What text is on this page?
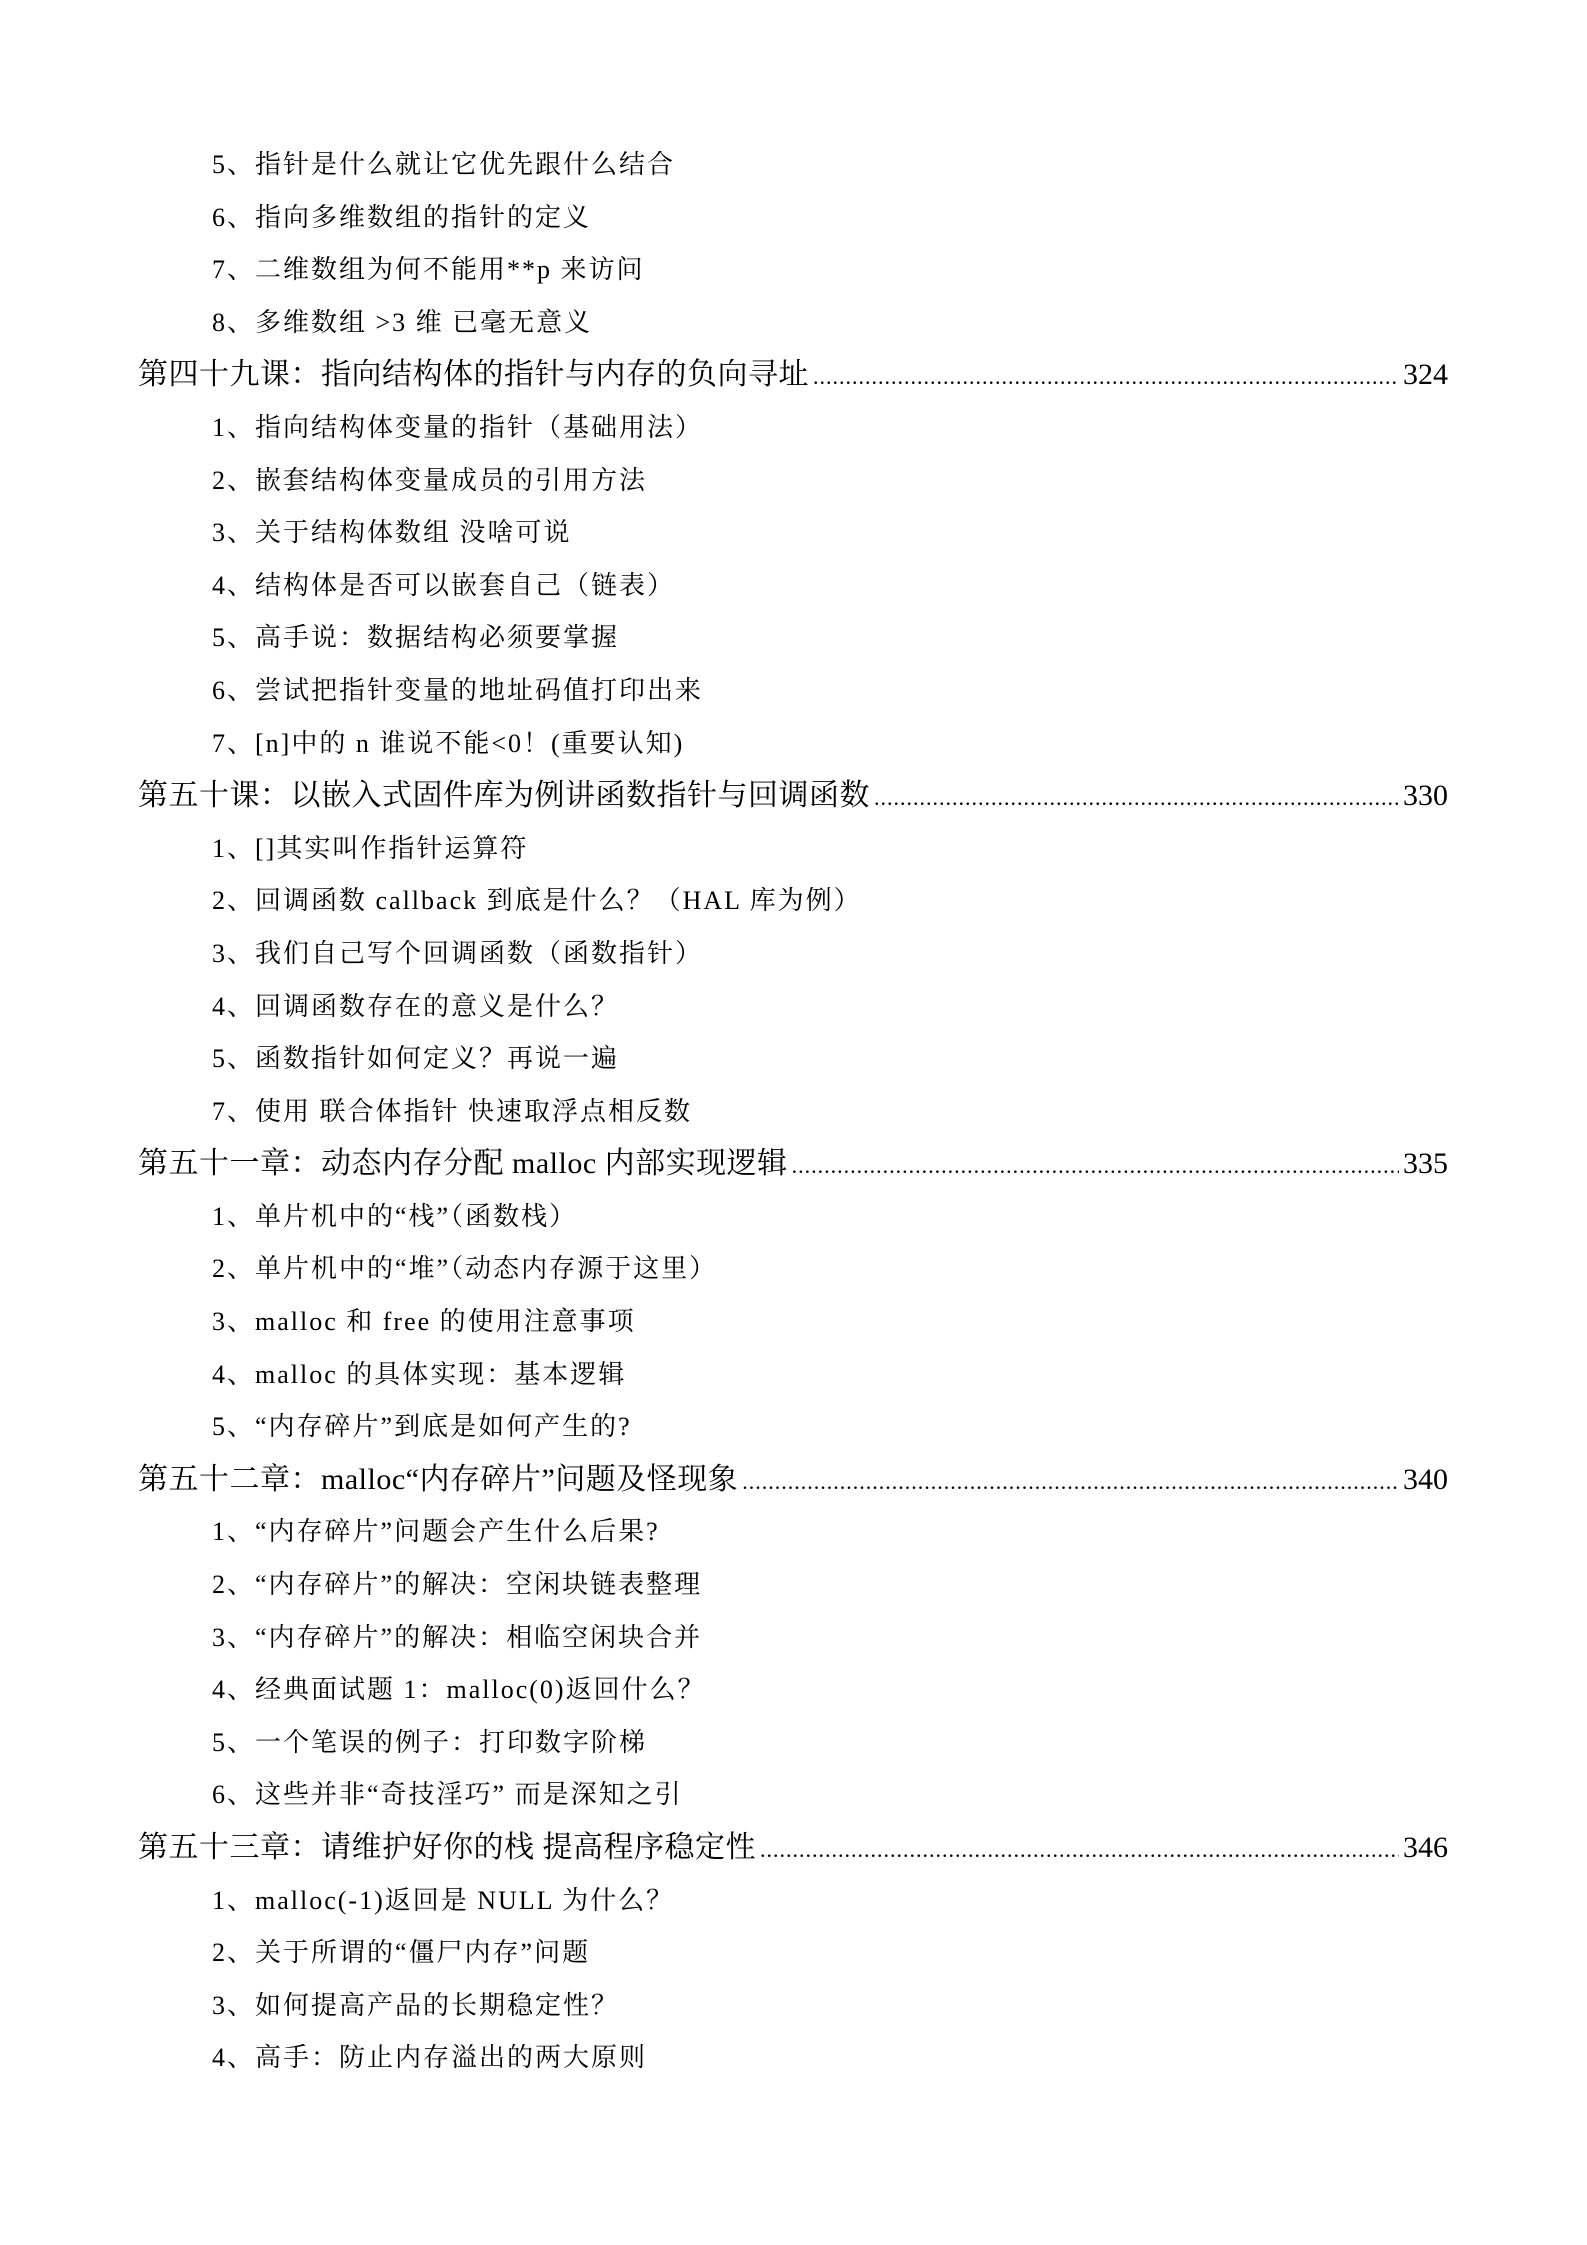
5、指针是什么就让它优先跟什么结合
6、指向多维数组的指针的定义
7、二维数组为何不能用**p 来访问
8、多维数组 >3 维 已毫无意义
第四十九课：指向结构体的指针与内存的负向寻址 .....	324
1、指向结构体变量的指针（基础用法）
2、嵌套结构体变量成员的引用方法
3、关于结构体数组 没啥可说
4、结构体是否可以嵌套自己（链表）
5、高手说：数据结构必须要掌握
6、尝试把指针变量的地址码值打印出来
7、[n]中的 n 谁说不能<0！(重要认知)
第五十课：以嵌入式固件库为例讲函数指针与回调函数 .....	330
1、[]其实叫作指针运算符
2、回调函数 callback 到底是什么？（HAL 库为例）
3、我们自己写个回调函数（函数指针）
4、回调函数存在的意义是什么？
5、函数指针如何定义？再说一遍
7、使用 联合体指针 快速取浮点相反数
第五十一章：动态内存分配 malloc 内部实现逻辑 .....	335
1、单片机中的“栈”（函数栈）
2、单片机中的“堆”（动态内存源于这里）
3、malloc 和 free 的使用注意事项
4、malloc 的具体实现：基本逻辑
5、“内存碎片”到底是如何产生的?
第五十二章：malloc“内存碎片”问题及怪现象 .....	340
1、“内存碎片”问题会产生什么后果?
2、“内存碎片”的解决：空闲块链表整理
3、“内存碎片”的解决：相临空闲块合并
4、经典面试题 1：malloc(0)返回什么？
5、一个笔误的例子：打印数字阶梯
6、这些并非“奇技淫巧” 而是深知之引
第五十三章：请维护好你的栈 提高程序稳定性 .....	346
1、malloc(-1)返回是 NULL 为什么？
2、关于所谓的“僵尸内存”问题
3、如何提高产品的长期稳定性？
4、高手：防止内存溢出的两大原则
